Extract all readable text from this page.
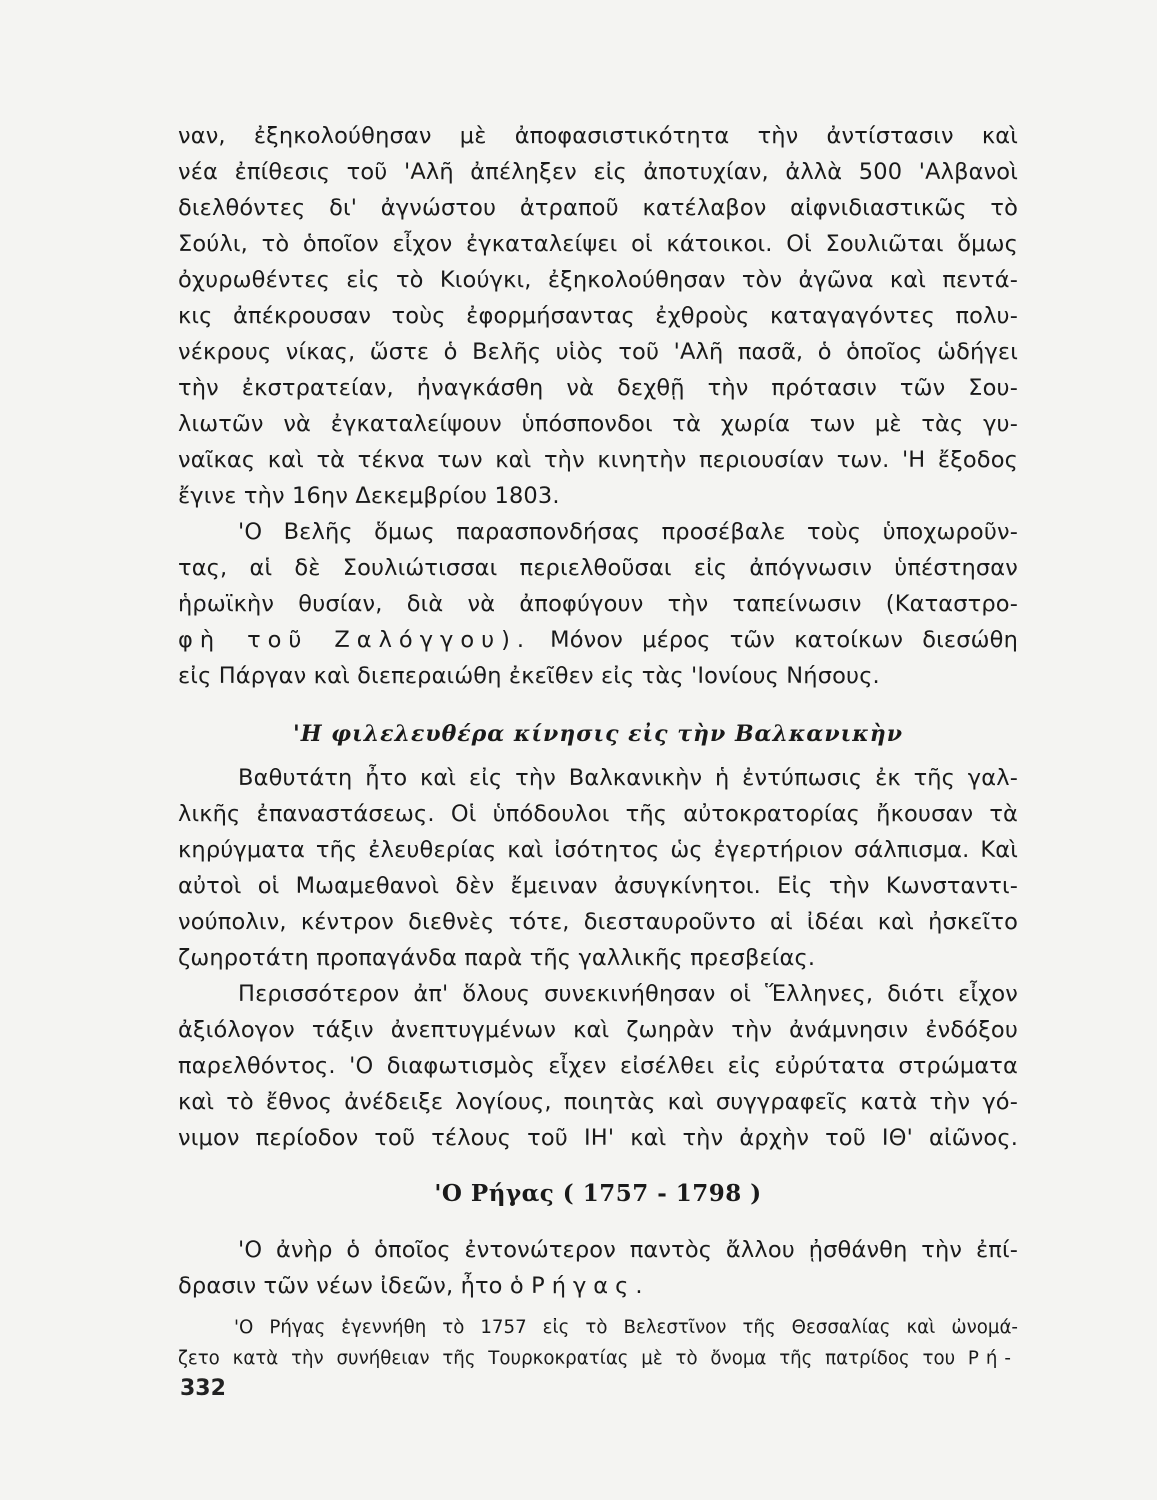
ναν, ἐξηκολούθησαν μὲ ἀποφασιστικότητα τὴν ἀντίστασιν καὶ
νέα ἐπίθεσις τοῦ 'Αλῆ ἀπέληξεν εἰς ἀποτυχίαν, ἀλλὰ 500 'Αλβανοὶ
διελθόντες δι' ἀγνώστου ἀτραποῦ κατέλαβον αἰφνιδιαστικῶς τὸ
Σούλι, τὸ ὁποῖον εἶχον ἐγκαταλείψει οἱ κάτοικοι. Οἱ Σουλιῶται ὅμως
ὀχυρωθέντες εἰς τὸ Κιούγκι, ἐξηκολούθησαν τὸν ἀγῶνα καὶ πεντά-
κις ἀπέκρουσαν τοὺς ἐφορμήσαντας ἐχθροὺς καταγαγόντες πολυ-
νέκρους νίκας, ὥστε ὁ Βελῆς υἱὸς τοῦ 'Αλῆ πασᾶ, ὁ ὁποῖος ὡδήγει
τὴν ἐκστρατείαν, ἠναγκάσθη νὰ δεχθῇ τὴν πρότασιν τῶν Σου-
λιωτῶν νὰ ἐγκαταλείψουν ὑπόσπονδοι τὰ χωρία των μὲ τὰς γυ-
ναῖκας καὶ τὰ τέκνα των καὶ τὴν κινητὴν περιουσίαν των. 'Η ἔξοδος
ἔγινε τὴν 16ην Δεκεμβρίου 1803.
'Ο Βελῆς ὅμως παρασπονδήσας προσέβαλε τοὺς ὑποχωροῦν-
τας, αἱ δὲ Σουλιώτισσαι περιελθοῦσαι εἰς ἀπόγνωσιν ὑπέστησαν
ἡρωϊκὴν θυσίαν, διὰ νὰ ἀποφύγουν τὴν ταπείνωσιν (Καταστρο-
φὴ τοῦ Ζαλόγγου). Μόνον μέρος τῶν κατοίκων διεσώθη
εἰς Πάργαν καὶ διεπεραιώθη ἐκεῖθεν εἰς τὰς 'Ιονίους Νήσους.
'Η φιλελευθέρα κίνησις εἰς τὴν Βαλκανικὴν
Βαθυτάτη ἦτο καὶ εἰς τὴν Βαλκανικὴν ἡ ἐντύπωσις ἐκ τῆς γαλ-
λικῆς ἐπαναστάσεως. Οἱ ὑπόδουλοι τῆς αὐτοκρατορίας ἤκουσαν τὰ
κηρύγματα τῆς ἐλευθερίας καὶ ἰσότητος ὡς ἐγερτήριον σάλπισμα. Καὶ
αὐτοὶ οἱ Μωαμεθανοὶ δὲν ἔμειναν ἀσυγκίνητοι. Εἰς τὴν Κωνσταντι-
νούπολιν, κέντρον διεθνὲς τότε, διεσταυροῦντο αἱ ἰδέαι καὶ ἠσκεῖτο
ζωηροτάτη προπαγάνδα παρὰ τῆς γαλλικῆς πρεσβείας.
Περισσότερον ἀπ' ὅλους συνεκινήθησαν οἱ Ἕλληνες, διότι εἶχον
ἀξιόλογον τάξιν ἀνεπτυγμένων καὶ ζωηρὰν τὴν ἀνάμνησιν ἐνδόξου
παρελθόντος. 'Ο διαφωτισμὸς εἶχεν εἰσέλθει εἰς εὐρύτατα στρώματα
καὶ τὸ ἔθνος ἀνέδειξε λογίους, ποιητὰς καὶ συγγραφεῖς κατὰ τὴν γό-
νιμον περίοδον τοῦ τέλους τοῦ ΙΗ' καὶ τὴν ἀρχὴν τοῦ ΙΘ' αἰῶνος.
'Ο Ρήγας ( 1757 - 1798 )
'Ο ἀνὴρ ὁ ὁποῖος ἐντονώτερον παντὸς ἄλλου ᾐσθάνθη τὴν ἐπί-
δρασιν τῶν νέων ἰδεῶν, ἦτο ὁ Ρήγας.
'Ο Ρήγας ἐγεννήθη τὸ 1757 εἰς τὸ Βελεστῖνον τῆς Θεσσαλίας καὶ ὠνομά-
ζετο κατὰ τὴν συνήθειαν τῆς Τουρκοκρατίας μὲ τὸ ὄνομα τῆς πατρίδος του Ρή-
332
